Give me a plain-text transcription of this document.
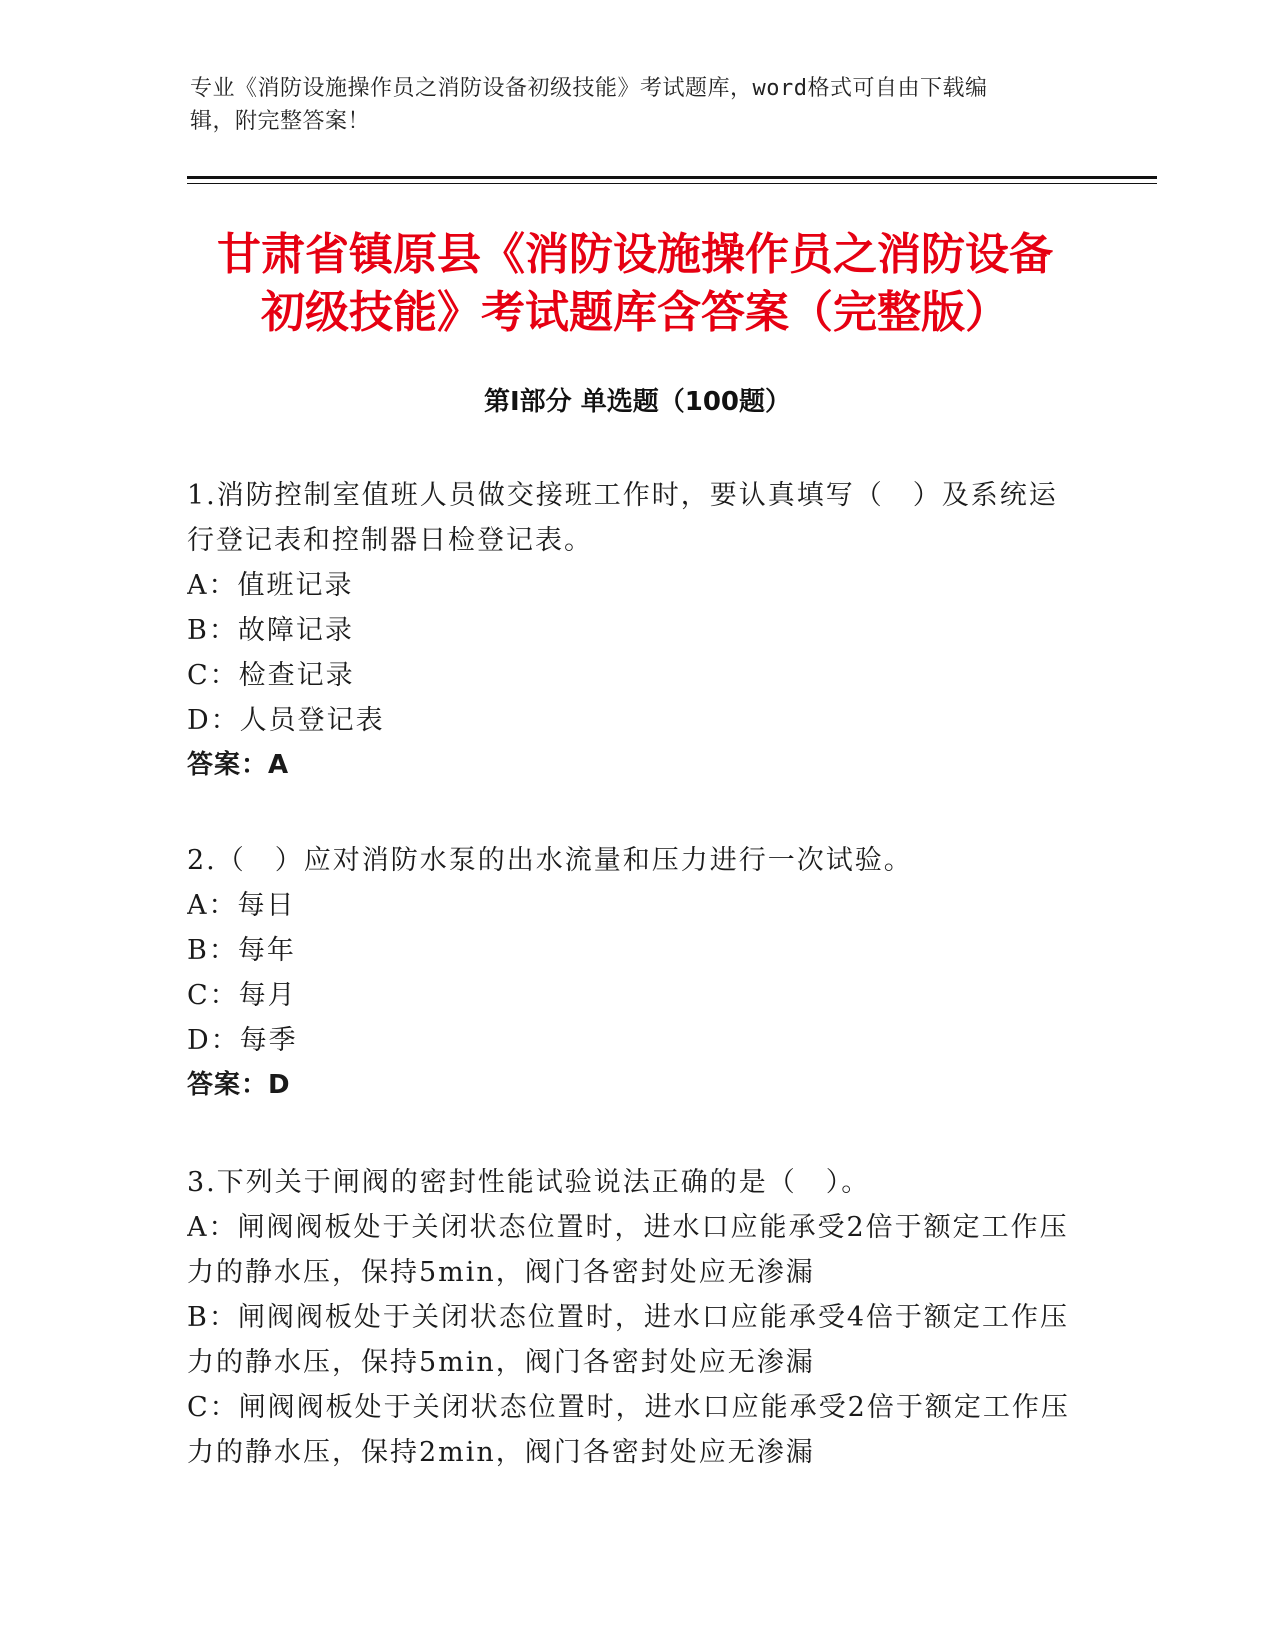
专业《消防设施操作员之消防设备初级技能》考试题库，word格式可自由下载编
辑，附完整答案！
甘肃省镇原县《消防设施操作员之消防设备
初级技能》考试题库含答案（完整版）
第Ⅰ部分 单选题（100题）
1.消防控制室值班人员做交接班工作时，要认真填写（　）及系统运
行登记表和控制器日检登记表。
A：值班记录
B：故障记录
C：检查记录
D：人员登记表
答案：A
2.（　）应对消防水泵的出水流量和压力进行一次试验。
A：每日
B：每年
C：每月
D：每季
答案：D
3.下列关于闸阀的密封性能试验说法正确的是（　）。
A：闸阀阀板处于关闭状态位置时，进水口应能承受2倍于额定工作压
力的静水压，保持5min，阀门各密封处应无渗漏
B：闸阀阀板处于关闭状态位置时，进水口应能承受4倍于额定工作压
力的静水压，保持5min，阀门各密封处应无渗漏
C：闸阀阀板处于关闭状态位置时，进水口应能承受2倍于额定工作压
力的静水压，保持2min，阀门各密封处应无渗漏
